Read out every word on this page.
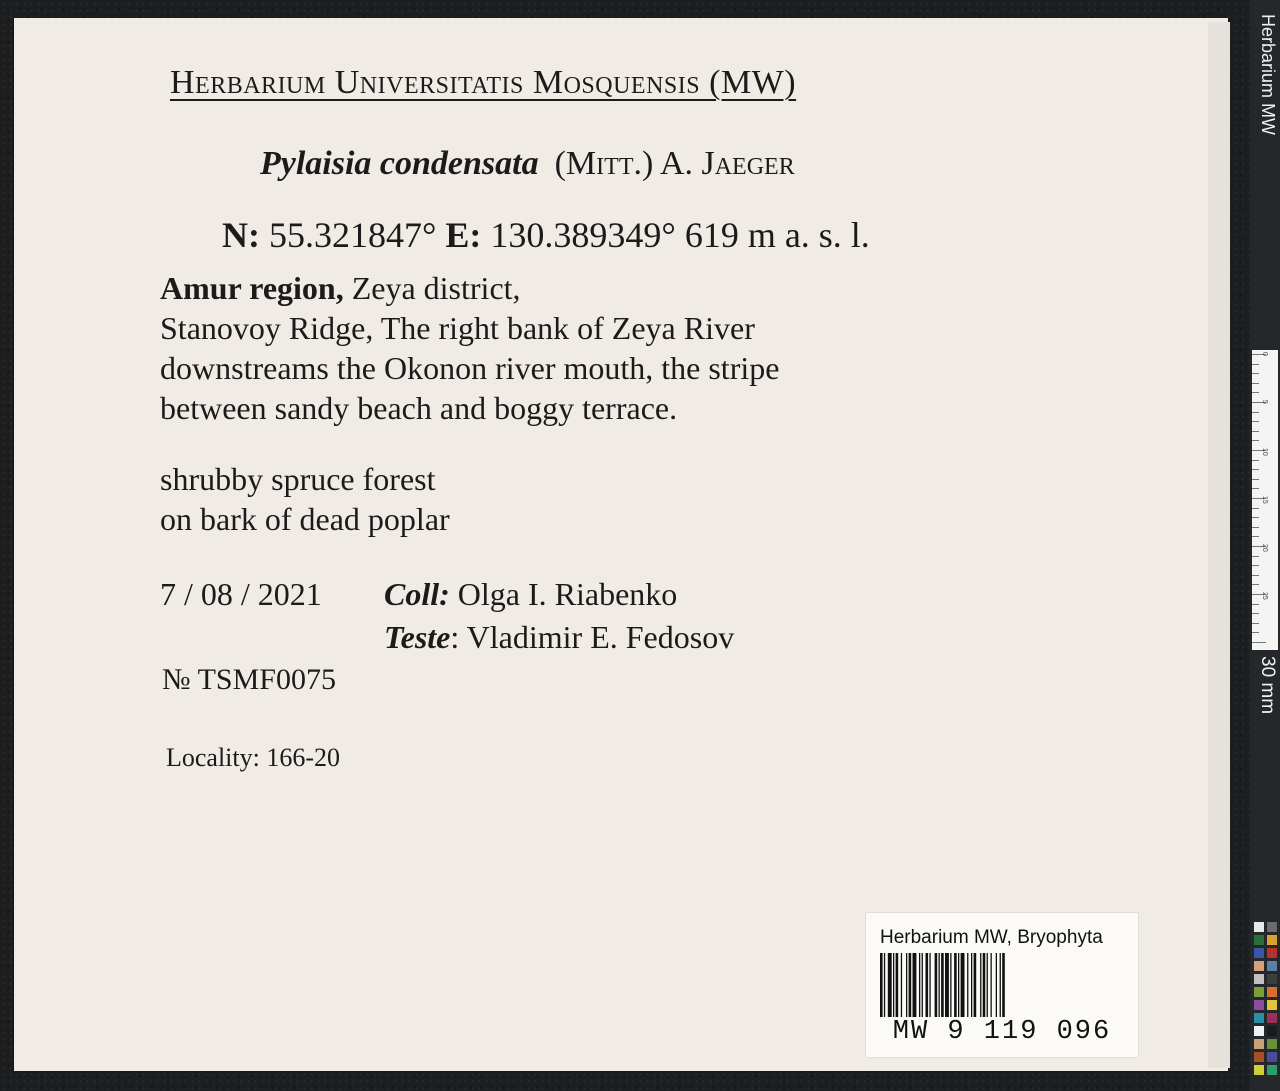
Herbarium Universitatis Mosquensis (MW)
Pylaisia condensata (Mitt.) A. Jaeger
N: 55.321847° E: 130.389349° 619 m a. s. l.
Amur region, Zeya district,
Stanovoy Ridge, The right bank of Zeya River
downstreams the Okonon river mouth, the stripe
between sandy beach and boggy terrace.
shrubby spruce forest
on bark of dead poplar
7 / 08 / 2021 Coll: Olga I. Riabenko
Teste: Vladimir E. Fedosov
№ TSMF0075
Locality: 166-20
Herbarium MW, Bryophyta
MW 9 119 096
Herbarium MW
0
5
10
15
20
25
30 mm
